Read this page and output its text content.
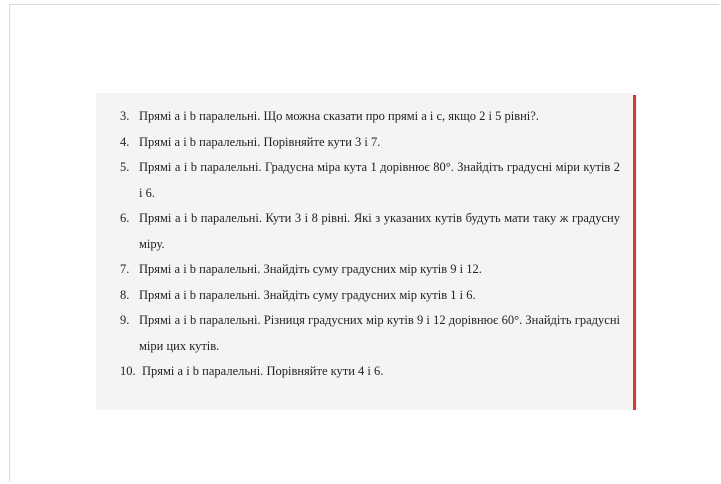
3. Прямі a і b паралельні. Що можна сказати про прямі a і c, якщо 2 і 5 рівні?.
4. Прямі a і b паралельні. Порівняйте кути 3 і 7.
5. Прямі a і b паралельні. Градусна міра кута 1 дорівнює 80°. Знайдіть градусні міри кутів 2 і 6.
6. Прямі a і b паралельні. Кути 3 і 8 рівні. Які з указаних кутів будуть мати таку ж градусну міру.
7. Прямі a і b паралельні. Знайдіть суму градусних мір кутів 9 і 12.
8. Прямі a і b паралельні. Знайдіть суму градусних мір кутів 1 і 6.
9. Прямі a і b паралельні. Різниця градусних мір кутів 9 і 12 дорівнює 60°. Знайдіть градусні міри цих кутів.
10. Прямі a і b паралельні. Порівняйте кути 4 і 6.
